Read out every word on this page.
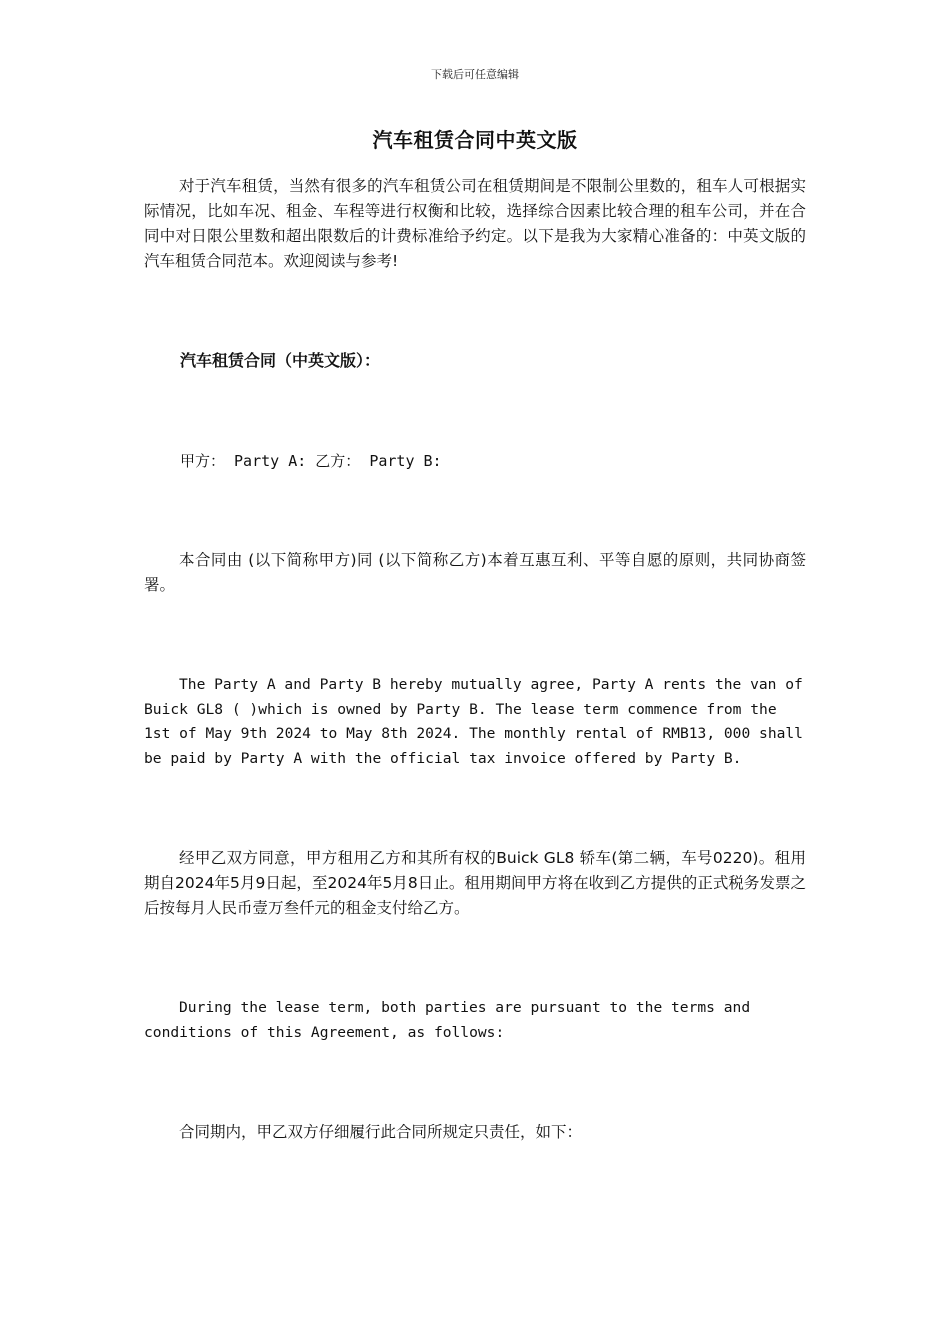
下载后可任意编辑
汽车租赁合同中英文版

对于汽车租赁，当然有很多的汽车租赁公司在租赁期间是不限制公里数的，租车人可根据实际情况，比如车况、租金、车程等进行权衡和比较，选择综合因素比较合理的租车公司，并在合同中对日限公里数和超出限数后的计费标准给予约定。以下是我为大家精心准备的：中英文版的汽车租赁合同范本。欢迎阅读与参考!

汽车租赁合同（中英文版）：
甲方： Party A: 乙方： Party B:

本合同由 (以下简称甲方)同 (以下简称乙方)本着互惠互利、平等自愿的原则，共同协商签署。

The Party A and Party B hereby mutually agree, Party A rents the van of Buick GL8 ( )which is owned by Party B. The lease term commence from the 1st of May 9th 2024 to May 8th 2024. The monthly rental of RMB13, 000 shall be paid by Party A with the official tax invoice offered by Party B.

经甲乙双方同意，甲方租用乙方和其所有权的Buick GL8 轿车(第二辆，车号0220)。租用期自2024年5月9日起，至2024年5月8日止。租用期间甲方将在收到乙方提供的正式税务发票之后按每月人民币壹万叁仟元的租金支付给乙方。

During the lease term, both parties are pursuant to the terms and conditions of this Agreement, as follows:

合同期内，甲乙双方仔细履行此合同所规定只责任，如下：
